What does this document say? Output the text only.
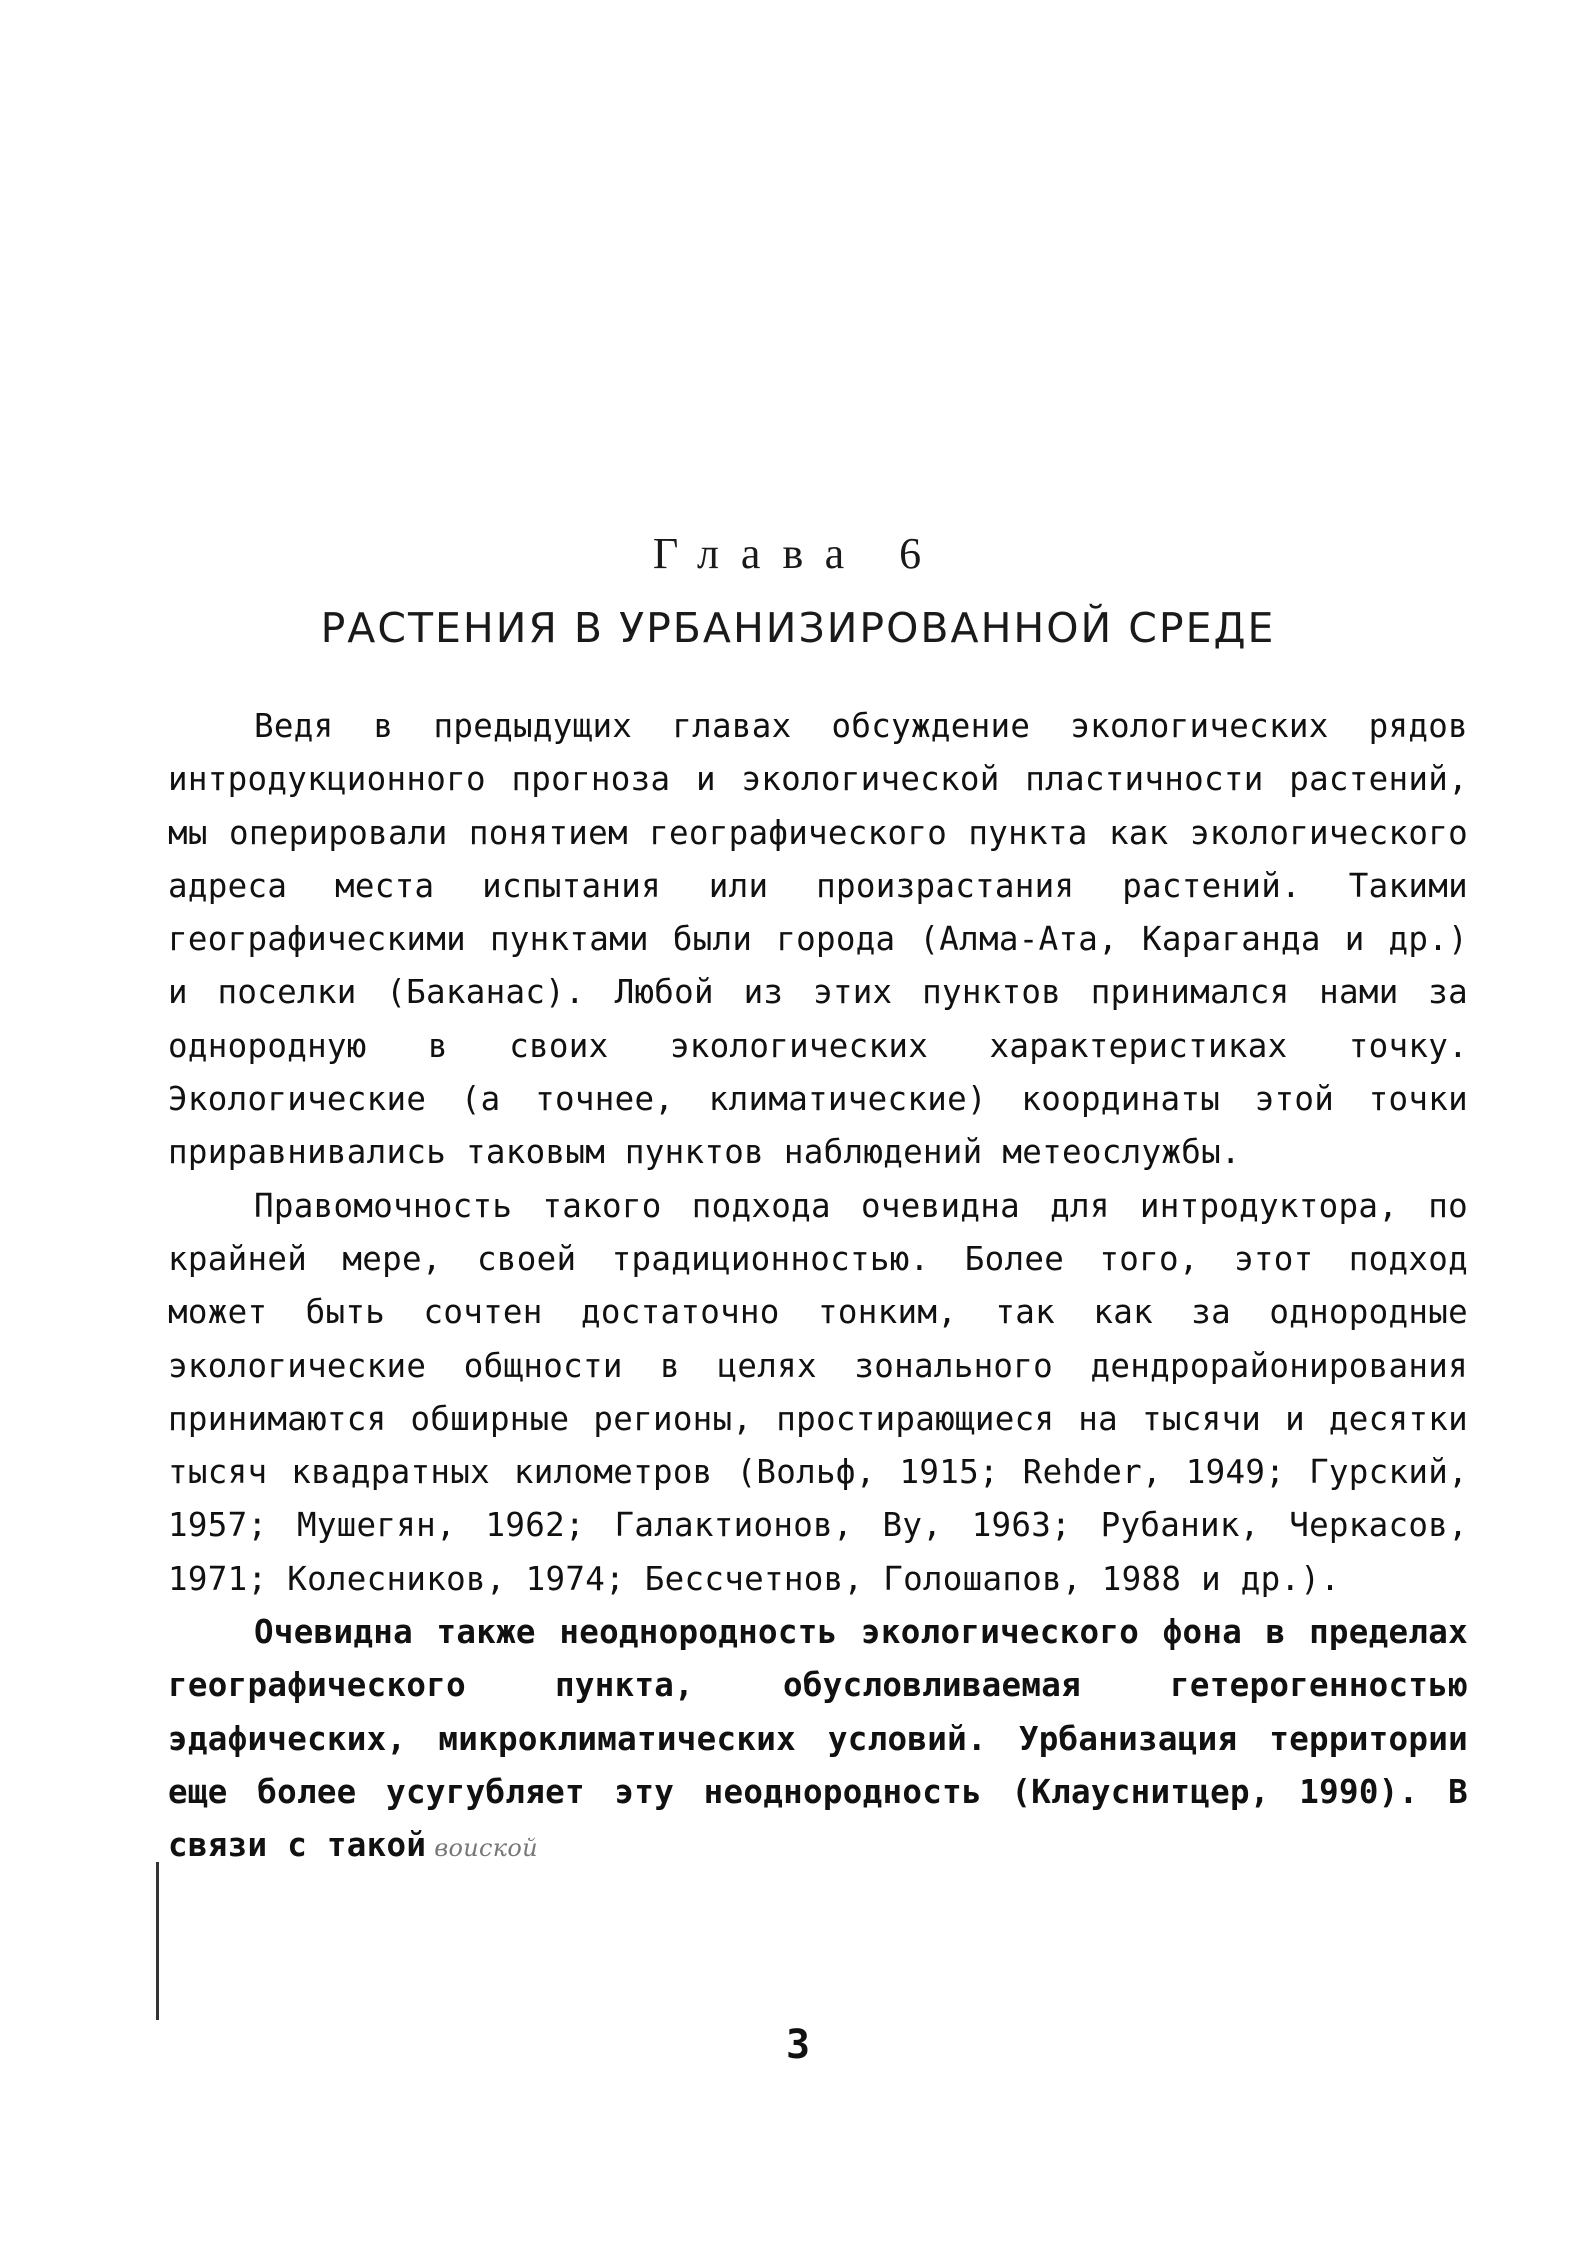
Глава 6
РАСТЕНИЯ В УРБАНИЗИРОВАННОЙ СРЕДЕ

Ведя в предыдущих главах обсуждение экологических рядов интродукционного прогноза и экологической пластичности растений, мы оперировали понятием географического пункта как экологического адреса места испытания или произрастания растений. Такими географическими пунктами были города (Алма-Ата, Караганда и др.) и поселки (Баканас). Любой из этих пунктов принимался нами за однородную в своих экологических характеристиках точку. Экологические (а точнее, климатические) координаты этой точки приравнивались таковым пунктов наблюдений метеослужбы.

Правомочность такого подхода очевидна для интродуктора, по крайней мере, своей традиционностью. Более того, этот подход может быть сочтен достаточно тонким, так как за однородные экологические общности в целях зонального дендрорайонирования принимаются обширные регионы, простирающиеся на тысячи и десятки тысяч квадратных километров (Вольф, 1915; Rehder, 1949; Гурский, 1957; Мушегян, 1962; Галактионов, Ву, 1963; Рубаник, Черкасов, 1971; Колесников, 1974; Бессчетнов, Голошапов, 1988 и др.).

Очевидна также неоднородность экологического фона в пределах географического пункта, обусловливаемая гетерогенностью эдафических, микроклиматических условий. Урбанизация территории еще более усугубляет эту неоднородность (Клауснитцер, 1990). В связи с такой воиской

3
